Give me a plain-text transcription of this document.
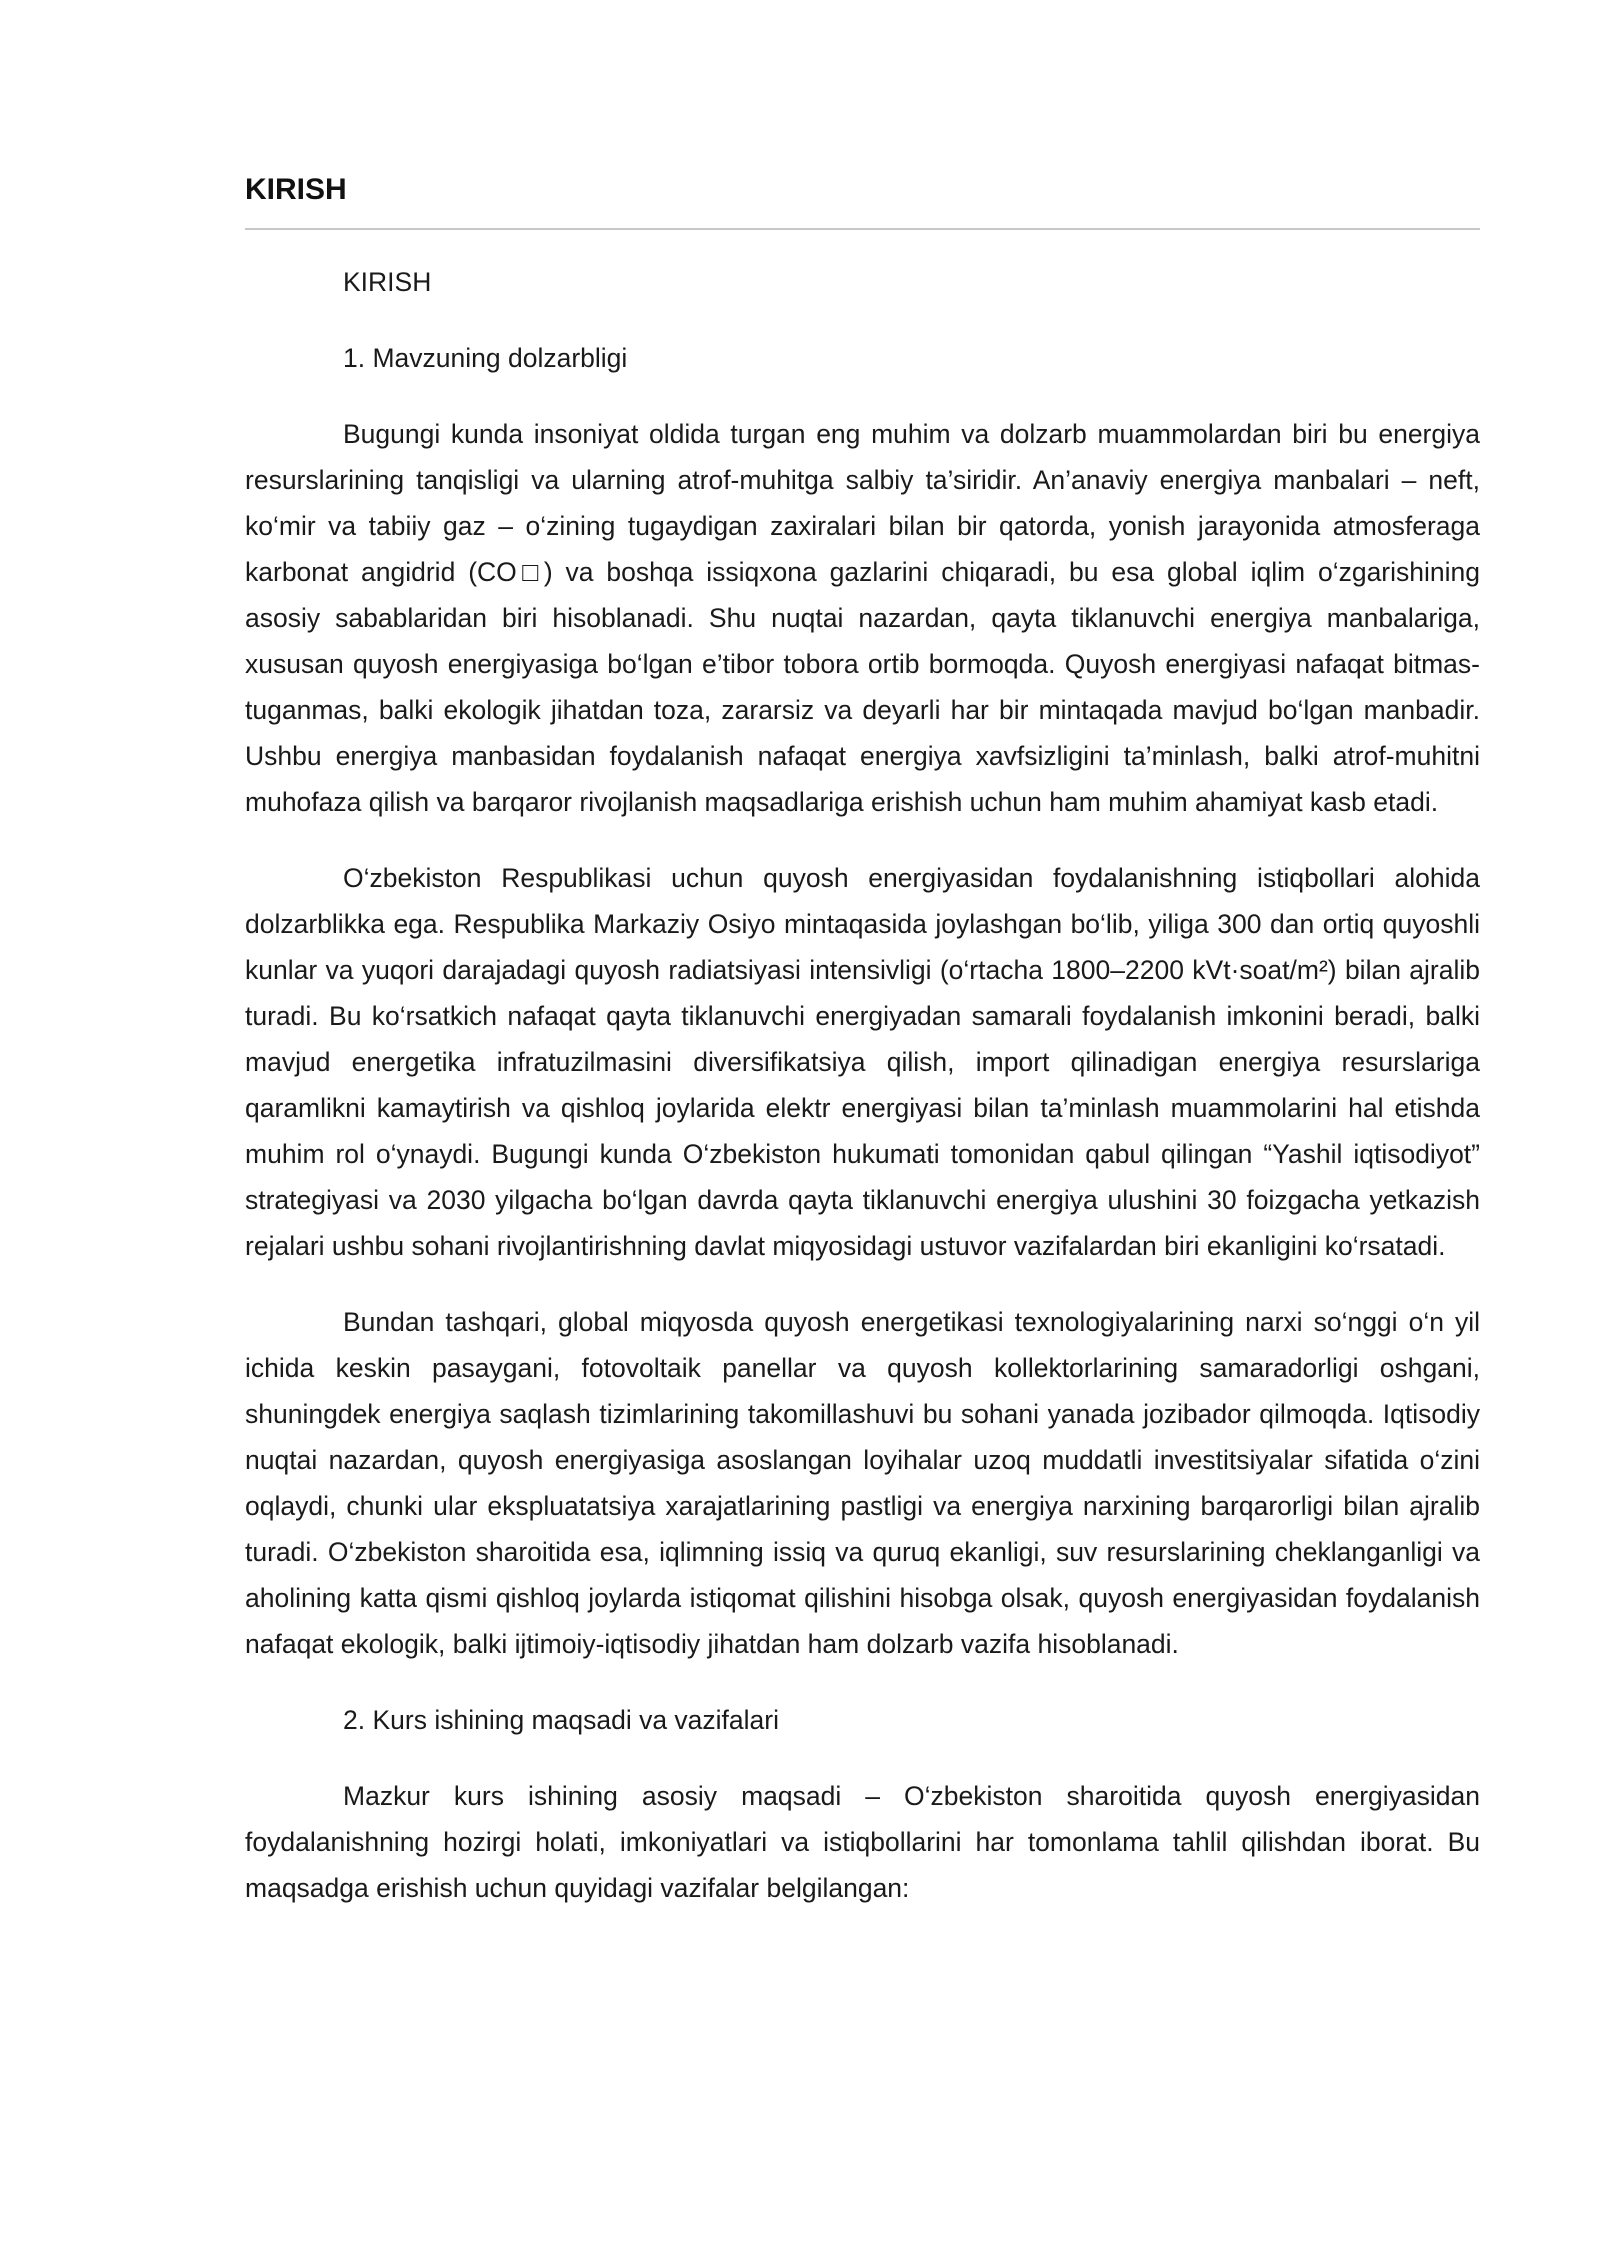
KIRISH
KIRISH
1. Mavzuning dolzarbligi

Bugungi kunda insoniyat oldida turgan eng muhim va dolzarb muammolardan biri bu energiya resurslarining tanqisligi va ularning atrof-muhitga salbiy ta’siridir. An’anaviy energiya manbalari – neft, ko‘mir va tabiiy gaz – o‘zining tugaydigan zaxiralari bilan bir qatorda, yonish jarayonida atmosferaga karbonat angidrid (CO□) va boshqa issiqxona gazlarini chiqaradi, bu esa global iqlim o‘zgarishining asosiy sabablaridan biri hisoblanadi. Shu nuqtai nazardan, qayta tiklanuvchi energiya manbalariga, xususan quyosh energiyasiga bo‘lgan e’tibor tobora ortib bormoqda. Quyosh energiyasi nafaqat bitmas-tuganmas, balki ekologik jihatdan toza, zararsiz va deyarli har bir mintaqada mavjud bo‘lgan manbadir. Ushbu energiya manbasidan foydalanish nafaqat energiya xavfsizligini ta’minlash, balki atrof-muhitni muhofaza qilish va barqaror rivojlanish maqsadlariga erishish uchun ham muhim ahamiyat kasb etadi.

O‘zbekiston Respublikasi uchun quyosh energiyasidan foydalanishning istiqbollari alohida dolzarblikka ega. Respublika Markaziy Osiyo mintaqasida joylashgan bo‘lib, yiliga 300 dan ortiq quyoshli kunlar va yuqori darajadagi quyosh radiatsiyasi intensivligi (o‘rtacha 1800–2200 kVt·soat/m²) bilan ajralib turadi. Bu ko‘rsatkich nafaqat qayta tiklanuvchi energiyadan samarali foydalanish imkonini beradi, balki mavjud energetika infratuzilmasini diversifikatsiya qilish, import qilinadigan energiya resurslariga qaramlikni kamaytirish va qishloq joylarida elektr energiyasi bilan ta’minlash muammolarini hal etishda muhim rol o‘ynaydi. Bugungi kunda O‘zbekiston hukumati tomonidan qabul qilingan “Yashil iqtisodiyot” strategiyasi va 2030 yilgacha bo‘lgan davrda qayta tiklanuvchi energiya ulushini 30 foizgacha yetkazish rejalari ushbu sohani rivojlantirishning davlat miqyosidagi ustuvor vazifalardan biri ekanligini ko‘rsatadi.

Bundan tashqari, global miqyosda quyosh energetikasi texnologiyalarining narxi so‘nggi o‘n yil ichida keskin pasaygani, fotovoltaik panellar va quyosh kollektorlarining samaradorligi oshgani, shuningdek energiya saqlash tizimlarining takomillashuvi bu sohani yanada jozibador qilmoqda. Iqtisodiy nuqtai nazardan, quyosh energiyasiga asoslangan loyihalar uzoq muddatli investitsiyalar sifatida o‘zini oqlaydi, chunki ular ekspluatatsiya xarajatlarining pastligi va energiya narxining barqarorligi bilan ajralib turadi. O‘zbekiston sharoitida esa, iqlimning issiq va quruq ekanligi, suv resurslarining cheklanganligi va aholining katta qismi qishloq joylarda istiqomat qilishini hisobga olsak, quyosh energiyasidan foydalanish nafaqat ekologik, balki ijtimoiy-iqtisodiy jihatdan ham dolzarb vazifa hisoblanadi.

2. Kurs ishining maqsadi va vazifalari

Mazkur kurs ishining asosiy maqsadi – O‘zbekiston sharoitida quyosh energiyasidan foydalanishning hozirgi holati, imkoniyatlari va istiqbollarini har tomonlama tahlil qilishdan iborat. Bu maqsadga erishish uchun quyidagi vazifalar belgilangan:
